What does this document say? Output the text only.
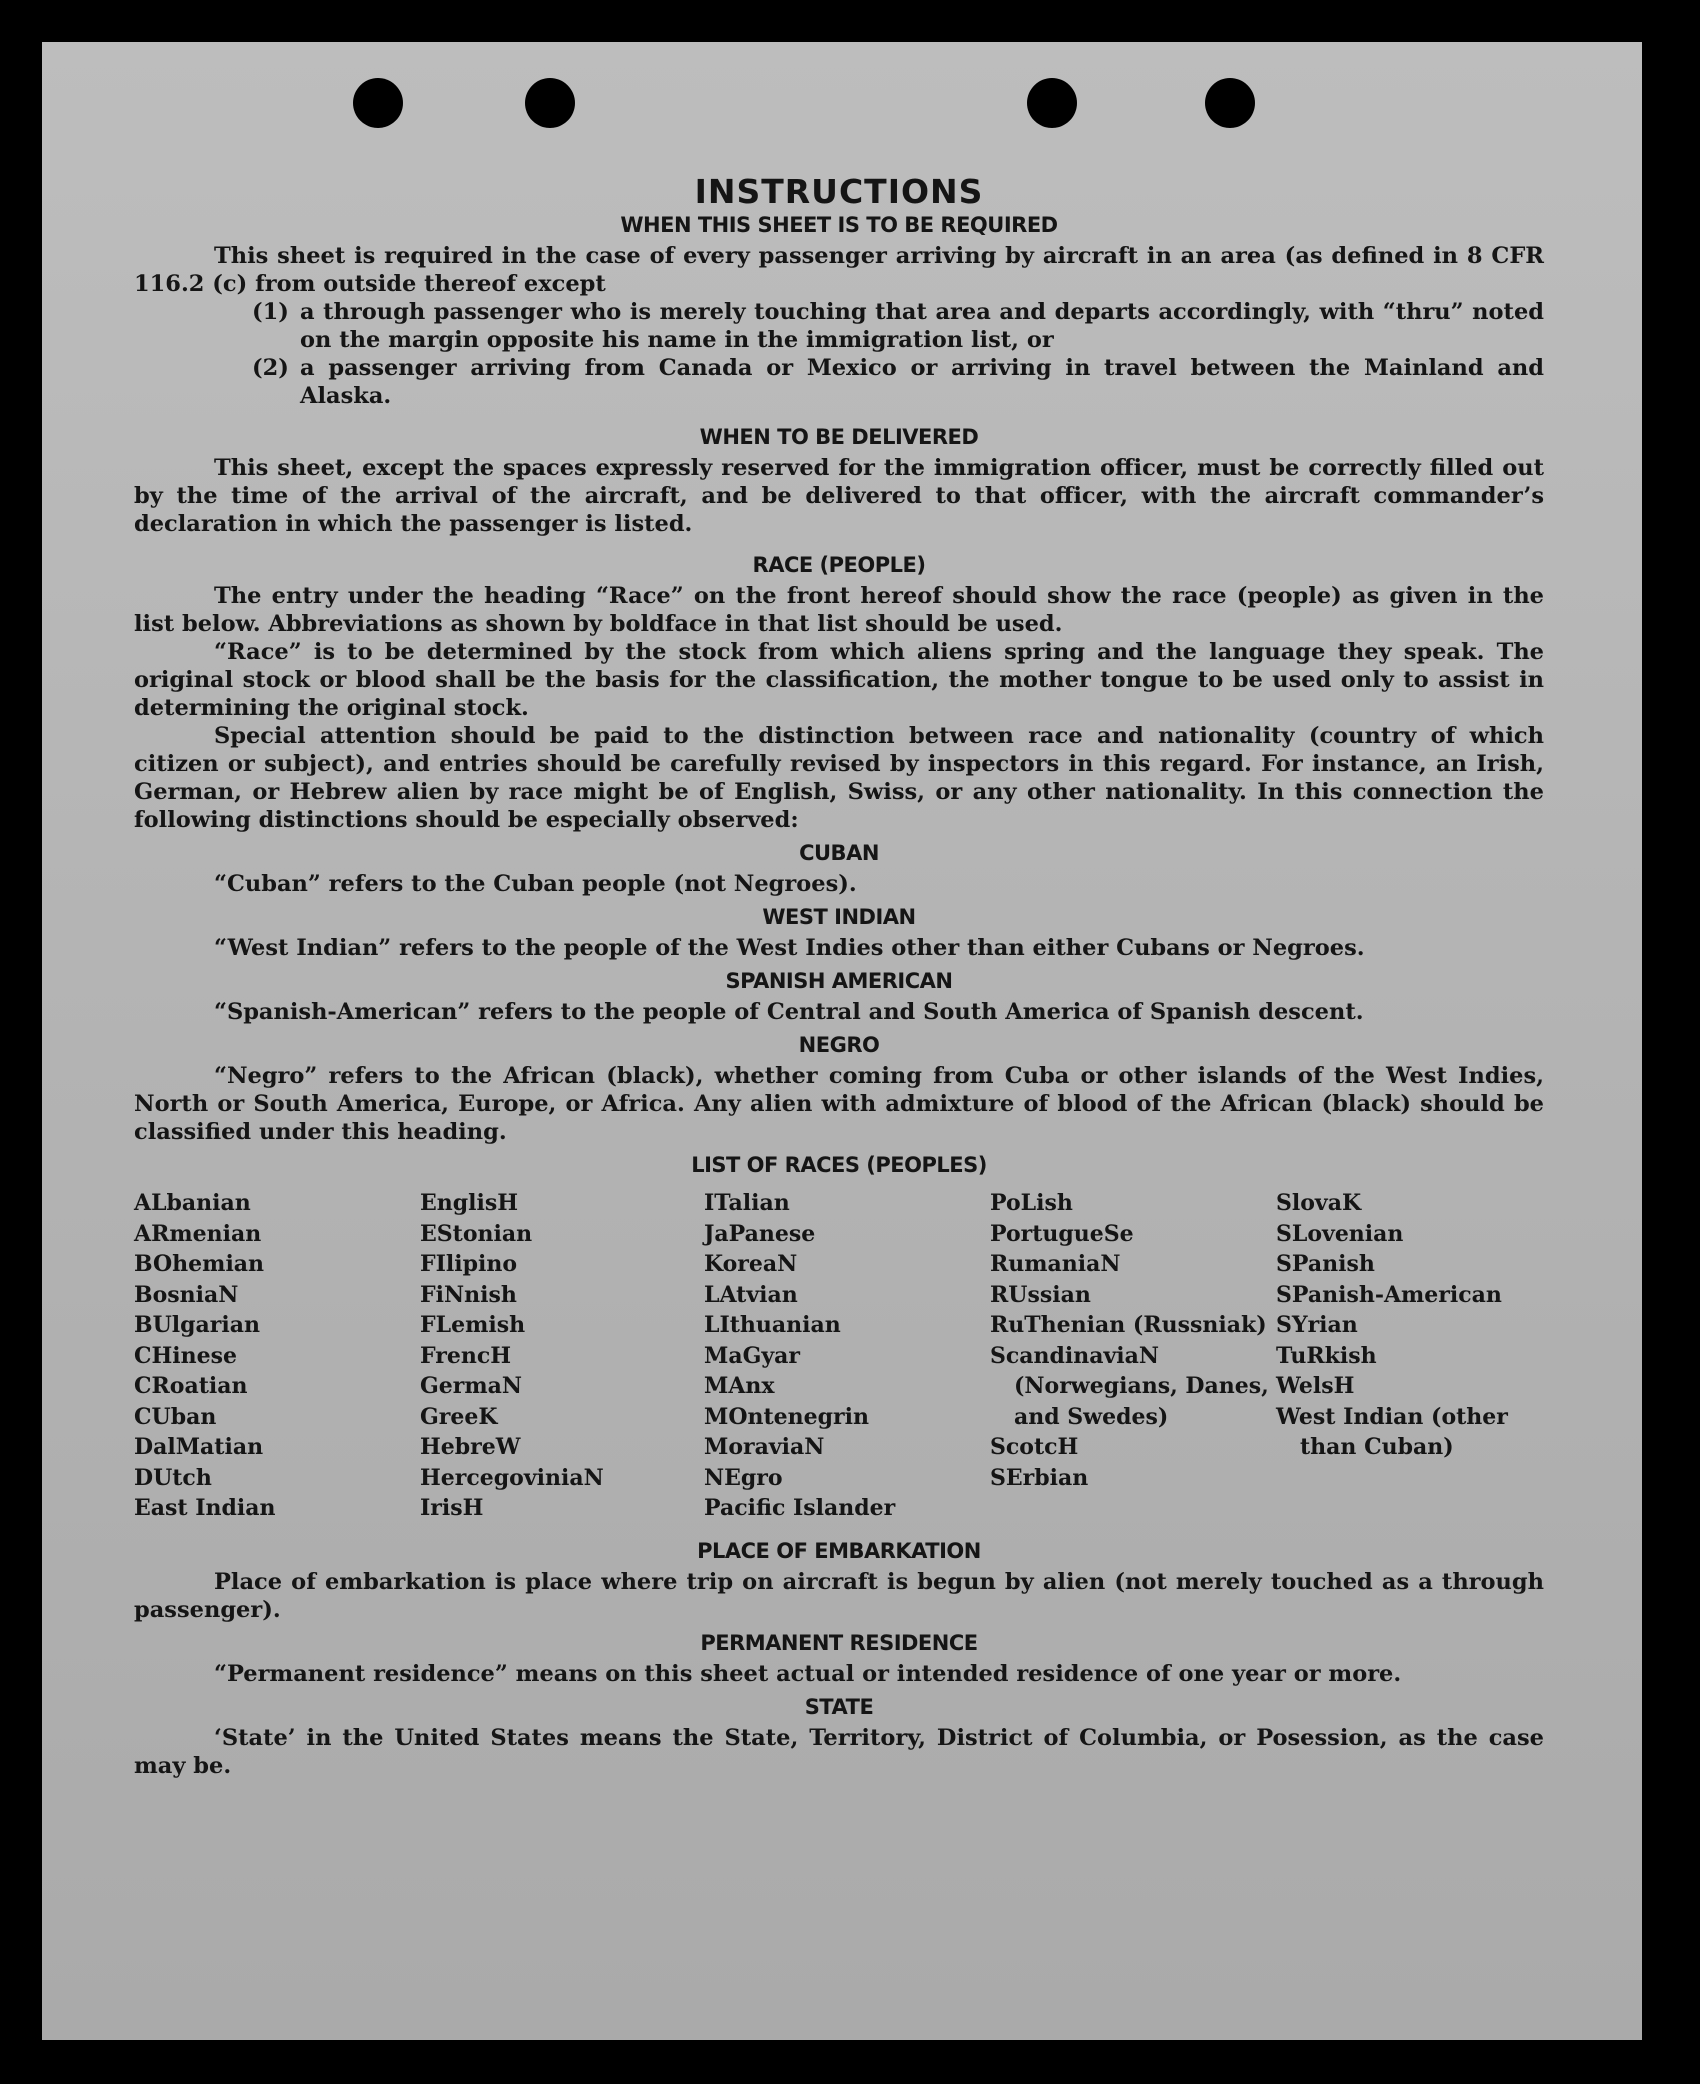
INSTRUCTIONS
WHEN THIS SHEET IS TO BE REQUIRED

This sheet is required in the case of every passenger arriving by aircraft in an area (as defined in 8 CFR 116.2 (c) from outside thereof except

(1) a through passenger who is merely touching that area and departs accordingly, with “thru” noted on the margin opposite his name in the immigration list, or
(2) a passenger arriving from Canada or Mexico or arriving in travel between the Mainland and Alaska.
WHEN TO BE DELIVERED

This sheet, except the spaces expressly reserved for the immigration officer, must be correctly filled out by the time of the arrival of the aircraft, and be delivered to that officer, with the aircraft commander’s declaration in which the passenger is listed.

RACE (PEOPLE)

The entry under the heading “Race” on the front hereof should show the race (people) as given in the list below. Abbreviations as shown by boldface in that list should be used.

“Race” is to be determined by the stock from which aliens spring and the language they speak. The original stock or blood shall be the basis for the classification, the mother tongue to be used only to assist in determining the original stock.

Special attention should be paid to the distinction between race and nationality (country of which citizen or subject), and entries should be carefully revised by inspectors in this regard. For instance, an Irish, German, or Hebrew alien by race might be of English, Swiss, or any other nationality. In this connection the following distinctions should be especially observed:

CUBAN

“Cuban” refers to the Cuban people (not Negroes).

WEST INDIAN

“West Indian” refers to the people of the West Indies other than either Cubans or Negroes.

SPANISH AMERICAN

“Spanish-American” refers to the people of Central and South America of Spanish descent.

NEGRO

“Negro” refers to the African (black), whether coming from Cuba or other islands of the West Indies, North or South America, Europe, or Africa. Any alien with admixture of blood of the African (black) should be classified under this heading.

LIST OF RACES (PEOPLES)

ALbanian

ARmenian

BOhemian

BosniaN

BUlgarian

CHinese

CRoatian

CUban

DalMatian

DUtch

East Indian

EnglisH

EStonian

FIlipino

FiNnish

FLemish

FrencH

GermaN

GreeK

HebreW

HercegoviniaN

IrisH

ITalian

JaPanese

KoreaN

LAtvian

LIthuanian

MaGyar

MAnx

MOntenegrin

MoraviaN

NEgro

Pacific Islander

PoLish

PortugueSe

RumaniaN

RUssian

RuThenian (Russniak)

ScandinaviaN (Norwegians, Danes, and Swedes)

ScotcH

SErbian

SlovaK

SLovenian

SPanish

SPanish-American

SYrian

TuRkish

WelsH

West Indian (other than Cuban)

PLACE OF EMBARKATION

Place of embarkation is place where trip on aircraft is begun by alien (not merely touched as a through passenger).

PERMANENT RESIDENCE

“Permanent residence” means on this sheet actual or intended residence of one year or more.

STATE

‘State’ in the United States means the State, Territory, District of Columbia, or Posession, as the case may be.
